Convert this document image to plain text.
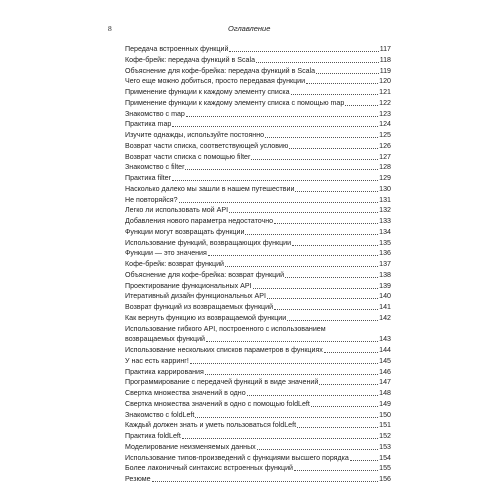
8	Оглавление
Передача встроенных функций	117
Кофе-брейк: передача функций в Scala	118
Объяснение для кофе-брейка: передача функций в Scala	119
Чего еще можно добиться, просто передавая функции	120
Применение функции к каждому элементу списка	121
Применение функции к каждому элементу списка с помощью map	122
Знакомство с map	123
Практика map	124
Изучите однажды, используйте постоянно	125
Возврат части списка, соответствующей условию	126
Возврат части списка с помощью filter	127
Знакомство с filter	128
Практика filter	129
Насколько далеко мы зашли в нашем путешествии	130
Не повторяйся?	131
Легко ли использовать мой API	132
Добавления нового параметра недостаточно	133
Функции могут возвращать функции	134
Использование функций, возвращающих функции	135
Функции — это значения	136
Кофе-брейк: возврат функций	137
Объяснение для кофе-брейка: возврат функций	138
Проектирование функциональных API	139
Итеративный дизайн функциональных API	140
Возврат функций из возвращаемых функций	141
Как вернуть функцию из возвращаемой функции	142
Использование гибкого API, построенного с использованием
возвращаемых функций	143
Использование нескольких списков параметров в функциях	144
У нас есть карринг!	145
Практика каррирования	146
Программирование с передачей функций в виде значений	147
Свертка множества значений в одно	148
Свертка множества значений в одно с помощью foldLeft	149
Знакомство с foldLeft	150
Каждый должен знать и уметь пользоваться foldLeft	151
Практика foldLeft	152
Моделирование неизменяемых данных	153
Использование типов-произведений с функциями высшего порядка	154
Более лаконичный синтаксис встроенных функций	155
Резюме	156
